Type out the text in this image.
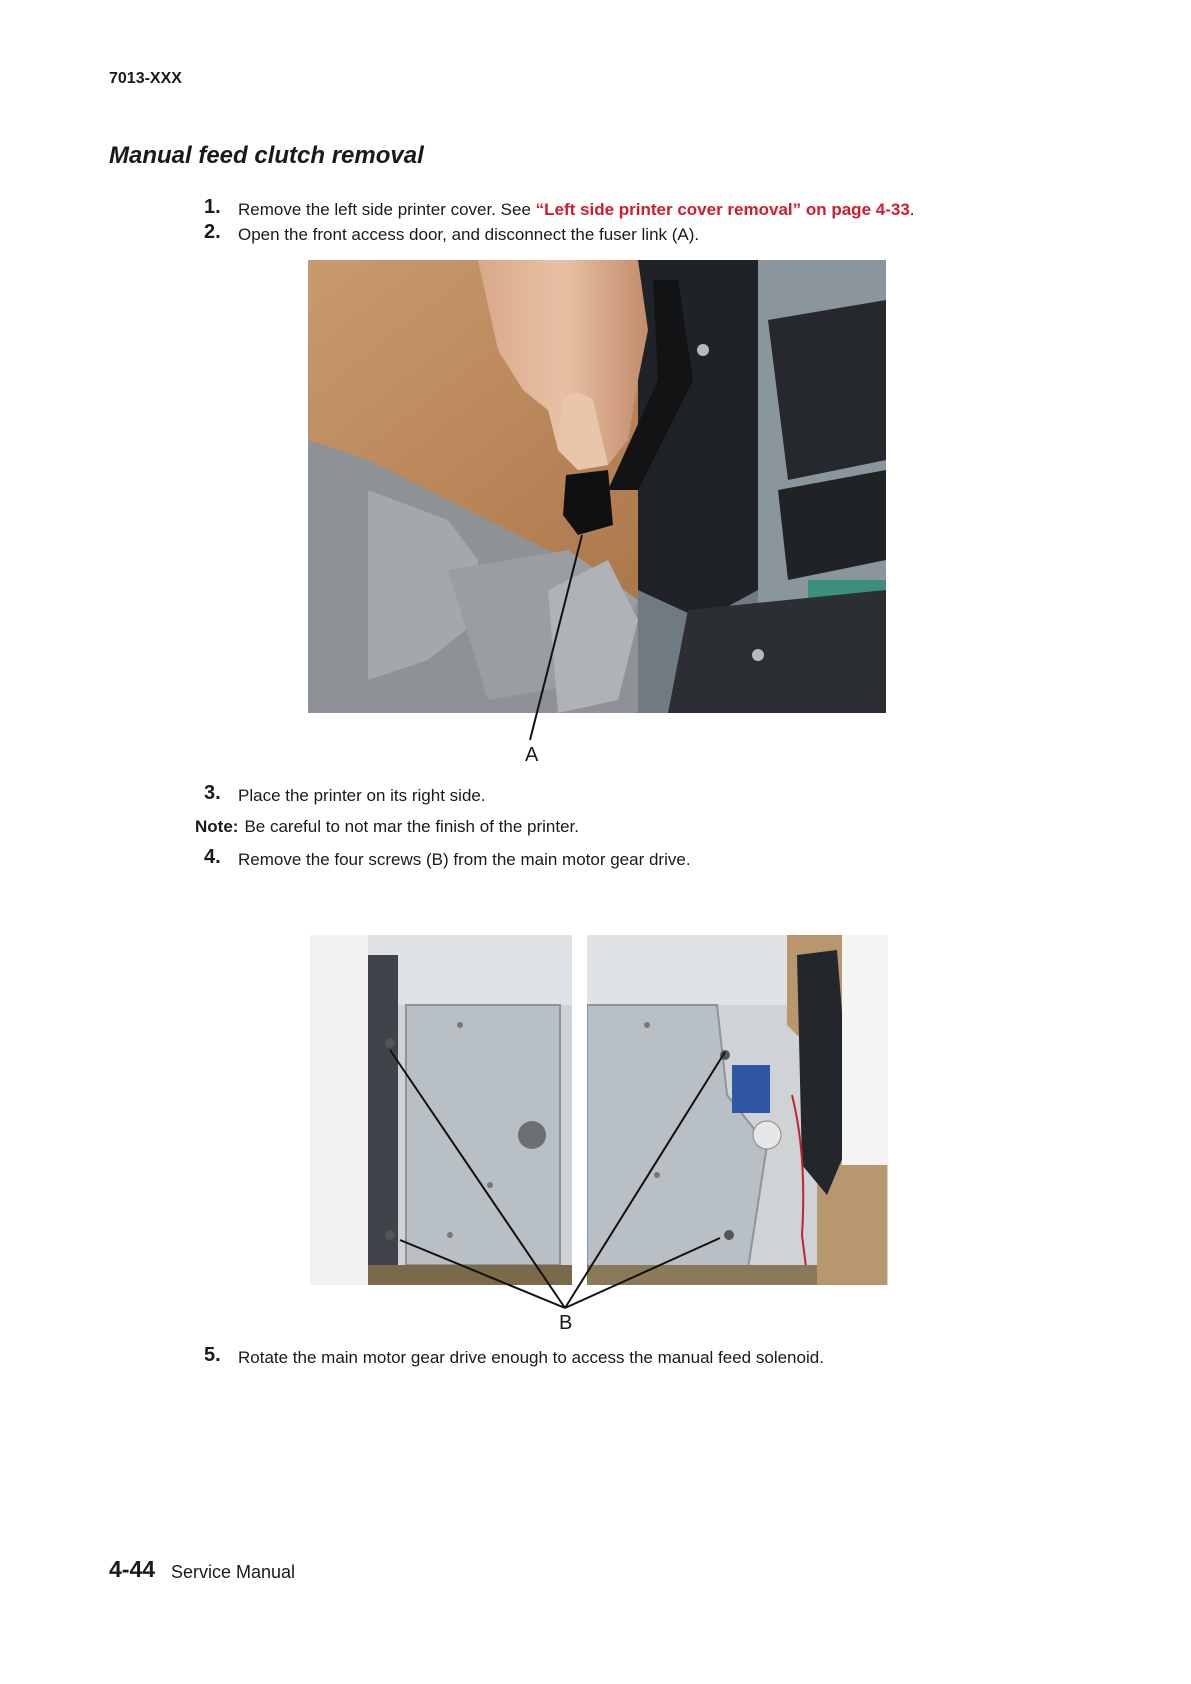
7013-XXX
Manual feed clutch removal
1. Remove the left side printer cover. See “Left side printer cover removal” on page 4-33.
2. Open the front access door, and disconnect the fuser link (A).
A
3. Place the printer on its right side.
Note: Be careful to not mar the finish of the printer.
4. Remove the four screws (B) from the main motor gear drive.
B
5. Rotate the main motor gear drive enough to access the manual feed solenoid.
4-44 Service Manual
